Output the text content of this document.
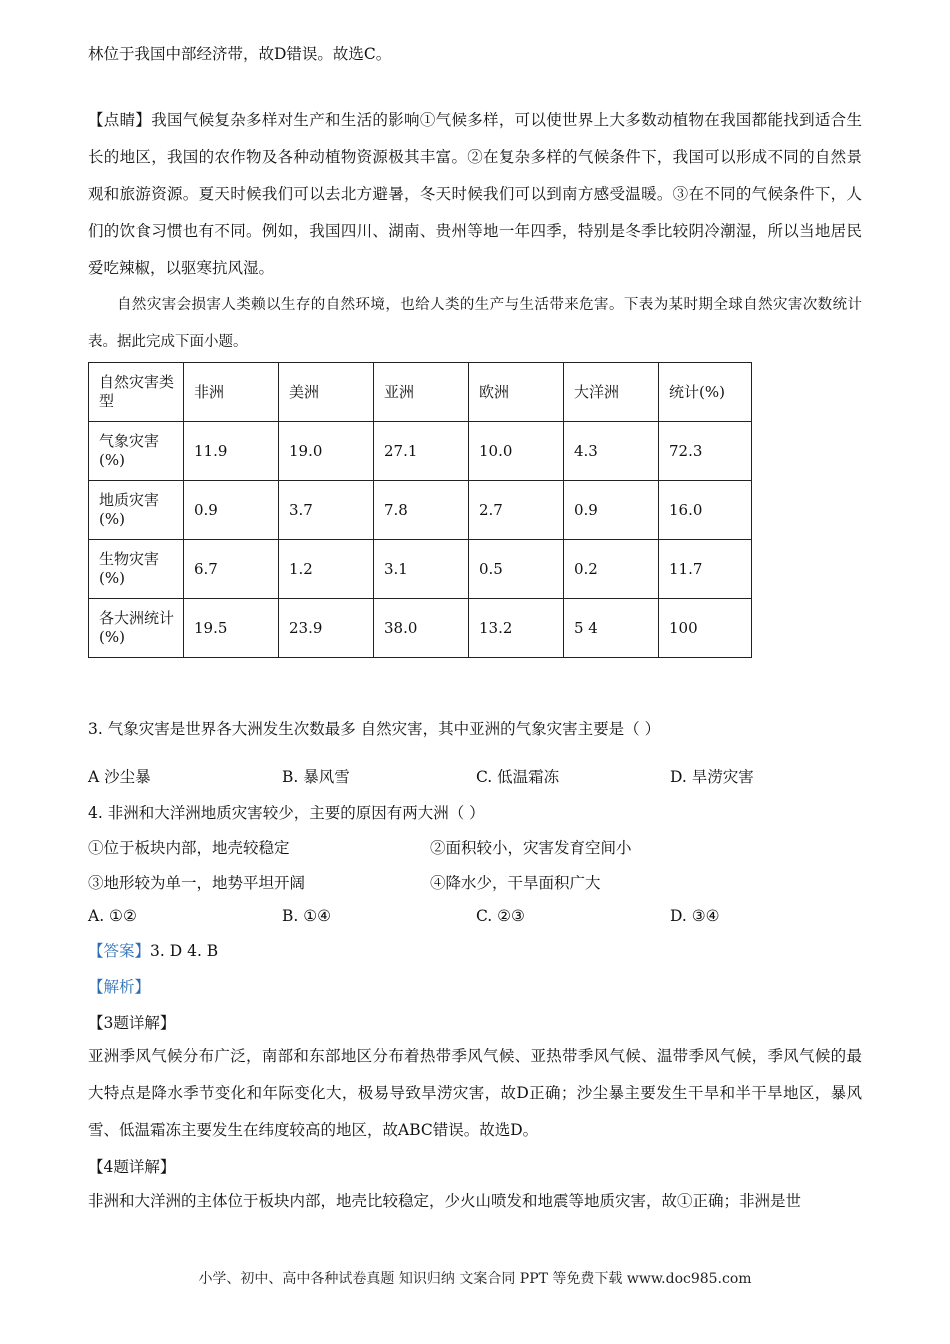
林位于我国中部经济带，故D错误。故选C。

【点睛】我国气候复杂多样对生产和生活的影响①气候多样，可以使世界上大多数动植物在我国都能找到适合生长的地区，我国的农作物及各种动植物资源极其丰富。②在复杂多样的气候条件下，我国可以形成不同的自然景观和旅游资源。夏天时候我们可以去北方避暑，冬天时候我们可以到南方感受温暖。③在不同的气候条件下，人们的饮食习惯也有不同。例如，我国四川、湖南、贵州等地一年四季，特别是冬季比较阴冷潮湿，所以当地居民爱吃辣椒，以驱寒抗风湿。

自然灾害会损害人类赖以生存的自然环境，也给人类的生产与生活带来危害。下表为某时期全球自然灾害次数统计表。据此完成下面小题。

自然灾害类型	非洲	美洲	亚洲	欧洲	大洋洲	统计(%)
气象灾害(%)	11.9	19.0	27.1	10.0	4.3	72.3
地质灾害(%)	0.9	3.7	7.8	2.7	0.9	16.0
生物灾害(%)	6.7	1.2	3.1	0.5	0.2	11.7
各大洲统计(%)	19.5	23.9	38.0	13.2	5 4	100
3. 气象灾害是世界各大洲发生次数最多 自然灾害，其中亚洲的气象灾害主要是（ ）
A 沙尘暴	B. 暴风雪	C. 低温霜冻	D. 旱涝灾害
4. 非洲和大洋洲地质灾害较少，主要的原因有两大洲（ ）
①位于板块内部，地壳较稳定	②面积较小，灾害发育空间小
③地形较为单一，地势平坦开阔	④降水少，干旱面积广大
A. ①②	B. ①④	C. ②③	D. ③④
【答案】3. D 4. B
【解析】
【3题详解】

亚洲季风气候分布广泛，南部和东部地区分布着热带季风气候、亚热带季风气候、温带季风气候，季风气候的最大特点是降水季节变化和年际变化大，极易导致旱涝灾害，故D正确；沙尘暴主要发生干旱和半干旱地区，暴风雪、低温霜冻主要发生在纬度较高的地区，故ABC错误。故选D。

【4题详解】

非洲和大洋洲的主体位于板块内部，地壳比较稳定，少火山喷发和地震等地质灾害，故①正确；非洲是世

小学、初中、高中各种试卷真题 知识归纳 文案合同 PPT 等免费下载 www.doc985.com
